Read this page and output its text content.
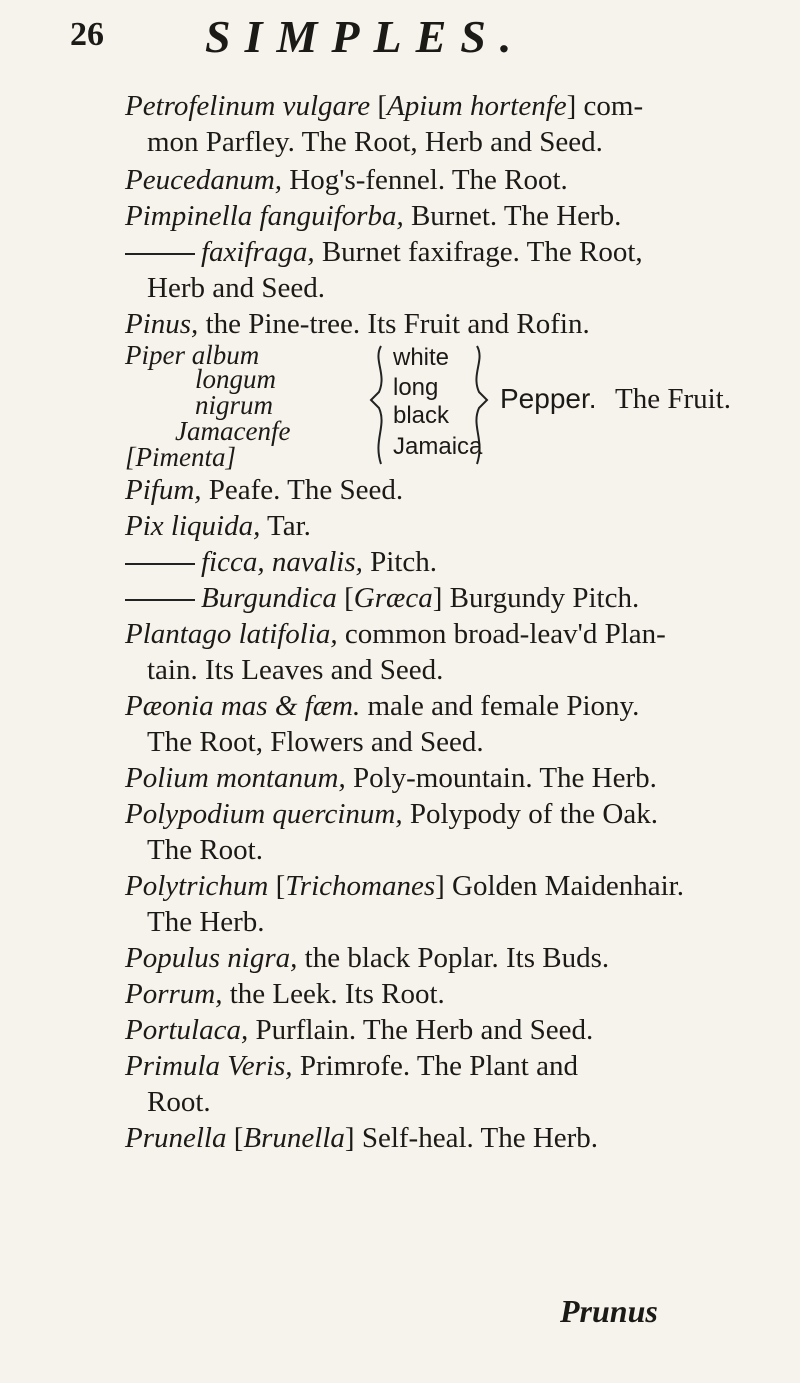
26 SIMPLES.
Petrofelinum vulgare [Apium hortenfe] com-
mon Parfley. The Root, Herb and Seed.
Peucedanum, Hog's-fennel. The Root.
Pimpinella fanguiforba, Burnet. The Herb.
faxifraga, Burnet faxifrage. The Root,
Herb and Seed.
Pinus, the Pine-tree. Its Fruit and Rofin.
Piper album
longum
nigrum
Jamacenfe
[Pimenta]
white
long
black
Jamaica
Pepper. The Fruit.
Pifum, Peafe. The Seed.
Pix liquida, Tar.
ficca, navalis, Pitch.
Burgundica [Græca] Burgundy Pitch.
Plantago latifolia, common broad-leav'd Plan-
tain. Its Leaves and Seed.
Pæonia mas & fæm. male and female Piony.
The Root, Flowers and Seed.
Polium montanum, Poly-mountain. The Herb.
Polypodium quercinum, Polypody of the Oak.
The Root.
Polytrichum [Trichomanes] Golden Maidenhair.
The Herb.
Populus nigra, the black Poplar. Its Buds.
Porrum, the Leek. Its Root.
Portulaca, Purflain. The Herb and Seed.
Primula Veris, Primrofe. The Plant and
Root.
Prunella [Brunella] Self-heal. The Herb.
Prunus
